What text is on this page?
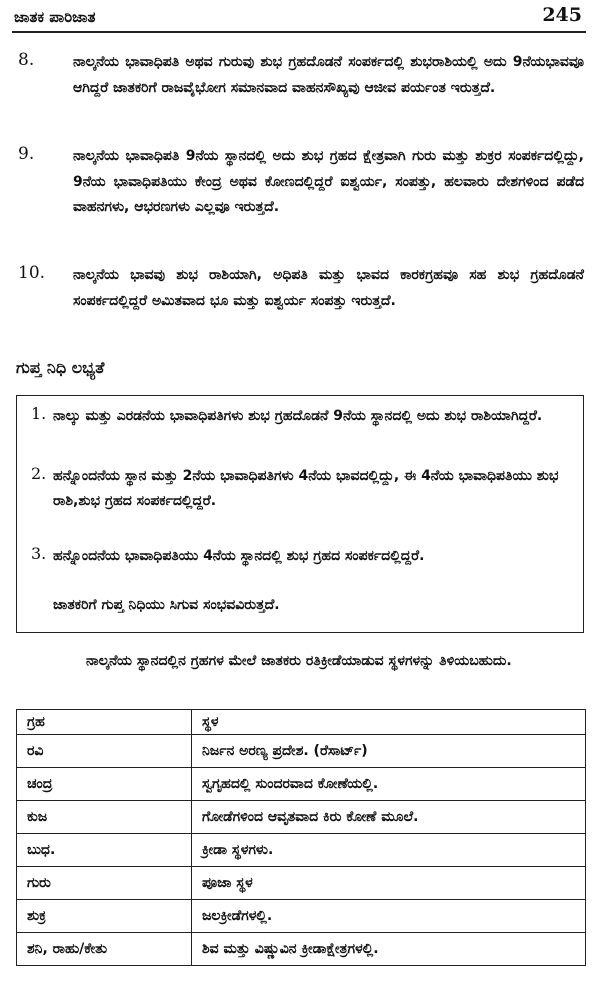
ಜಾತಕ ಪಾರಿಜಾತ	245
8.	ನಾಲ್ಕನೆಯ ಭಾವಾಧಿಪತಿ ಅಥವ ಗುರುವು ಶುಭ ಗ್ರಹದೊಡನೆ ಸಂಪರ್ಕದಲ್ಲಿ ಶುಭರಾಶಿಯಲ್ಲಿ ಅದು 9ನೆಯಭಾವವೂ ಆಗಿದ್ದರೆ ಜಾತಕರಿಗೆ ರಾಜವೈಭೋಗ ಸಮಾನವಾದ ವಾಹನಸೌಖ್ಯವು ಆಜೀವ ಪರ್ಯಂತ ಇರುತ್ತದೆ.
9.	ನಾಲ್ಕನೆಯ ಭಾವಾಧಿಪತಿ 9ನೆಯ ಸ್ಥಾನದಲ್ಲಿ ಅದು ಶುಭ ಗ್ರಹದ ಕ್ಷೇತ್ರವಾಗಿ ಗುರು ಮತ್ತು ಶುಕ್ರರ ಸಂಪರ್ಕದಲ್ಲಿದ್ದು, 9ನೆಯ ಭಾವಾಧಿಪತಿಯು ಕೇಂದ್ರ ಅಥವ ಕೋಣದಲ್ಲಿದ್ದರೆ ಐಶ್ವರ್ಯ, ಸಂಪತ್ತು, ಹಲವಾರು ದೇಶಗಳಿಂದ ಪಡೆದ ವಾಹನಗಳು, ಆಭರಣಗಳು ಎಲ್ಲವೂ ಇರುತ್ತದೆ.
10. ನಾಲ್ಕನೆಯ ಭಾವವು ಶುಭ ರಾಶಿಯಾಗಿ, ಅಧಿಪತಿ ಮತ್ತು ಭಾವದ ಕಾರಕಗ್ರಹವೂ ಸಹ ಶುಭ ಗ್ರಹದೊಡನೆ ಸಂಪರ್ಕದಲ್ಲಿದ್ದರೆ ಅಮಿತವಾದ ಭೂ ಮತ್ತು ಐಶ್ವರ್ಯ ಸಂಪತ್ತು ಇರುತ್ತದೆ.
ಗುಪ್ತ ನಿಧಿ ಲಭ್ಯತೆ
1. ನಾಲ್ಕು ಮತ್ತು ಎರಡನೆಯ ಭಾವಾಧಿಪತಿಗಳು ಶುಭ ಗ್ರಹದೊಡನೆ 9ನೆಯ ಸ್ಥಾನದಲ್ಲಿ ಅದು ಶುಭ ರಾಶಿಯಾಗಿದ್ದರೆ.
2. ಹನ್ನೊಂದನೆಯ ಸ್ಥಾನ ಮತ್ತು 2ನೆಯ ಭಾವಾಧಿಪತಿಗಳು 4ನೆಯ ಭಾವದಲ್ಲಿದ್ದು, ಈ 4ನೆಯ ಭಾವಾಧಿಪತಿಯು ಶುಭ ರಾಶಿ,ಶುಭ ಗ್ರಹದ ಸಂಪರ್ಕದಲ್ಲಿದ್ದರೆ.
3. ಹನ್ನೊಂದನೆಯ ಭಾವಾಧಿಪತಿಯು 4ನೆಯ ಸ್ಥಾನದಲ್ಲಿ ಶುಭ ಗ್ರಹದ ಸಂಪರ್ಕದಲ್ಲಿದ್ದರೆ.
ಜಾತಕರಿಗೆ ಗುಪ್ತ ನಿಧಿಯು ಸಿಗುವ ಸಂಭವವಿರುತ್ತದೆ.
ನಾಲ್ಕನೆಯ ಸ್ಥಾನದಲ್ಲಿನ ಗ್ರಹಗಳ ಮೇಲೆ ಜಾತಕರು ರತಿಕ್ರೀಡೆಯಾಡುವ ಸ್ಥಳಗಳನ್ನು ತಿಳಿಯಬಹುದು.
ಗ್ರಹ	ಸ್ಥಳ
ರವಿ	ನಿರ್ಜನ ಅರಣ್ಯ ಪ್ರದೇಶ. (ರೆಸಾರ್ಟ್)
ಚಂದ್ರ	ಸ್ವಗೃಹದಲ್ಲಿ ಸುಂದರವಾದ ಕೋಣೆಯಲ್ಲಿ.
ಕುಜ	ಗೋಡೆಗಳಿಂದ ಆವೃತವಾದ ಕಿರು ಕೋಣೆ ಮೂಲೆ.
ಬುಧ.	ಕ್ರೀಡಾ ಸ್ಥಳಗಳು.
ಗುರು	ಪೂಜಾ ಸ್ಥಳ
ಶುಕ್ರ	ಜಲಕ್ರೀಡೆಗಳಲ್ಲಿ.
ಶನಿ, ರಾಹು/ಕೇತು	ಶಿವ ಮತ್ತು ವಿಷ್ಣುವಿನ ಕ್ರೀಡಾಕ್ಷೇತ್ರಗಳಲ್ಲಿ.
